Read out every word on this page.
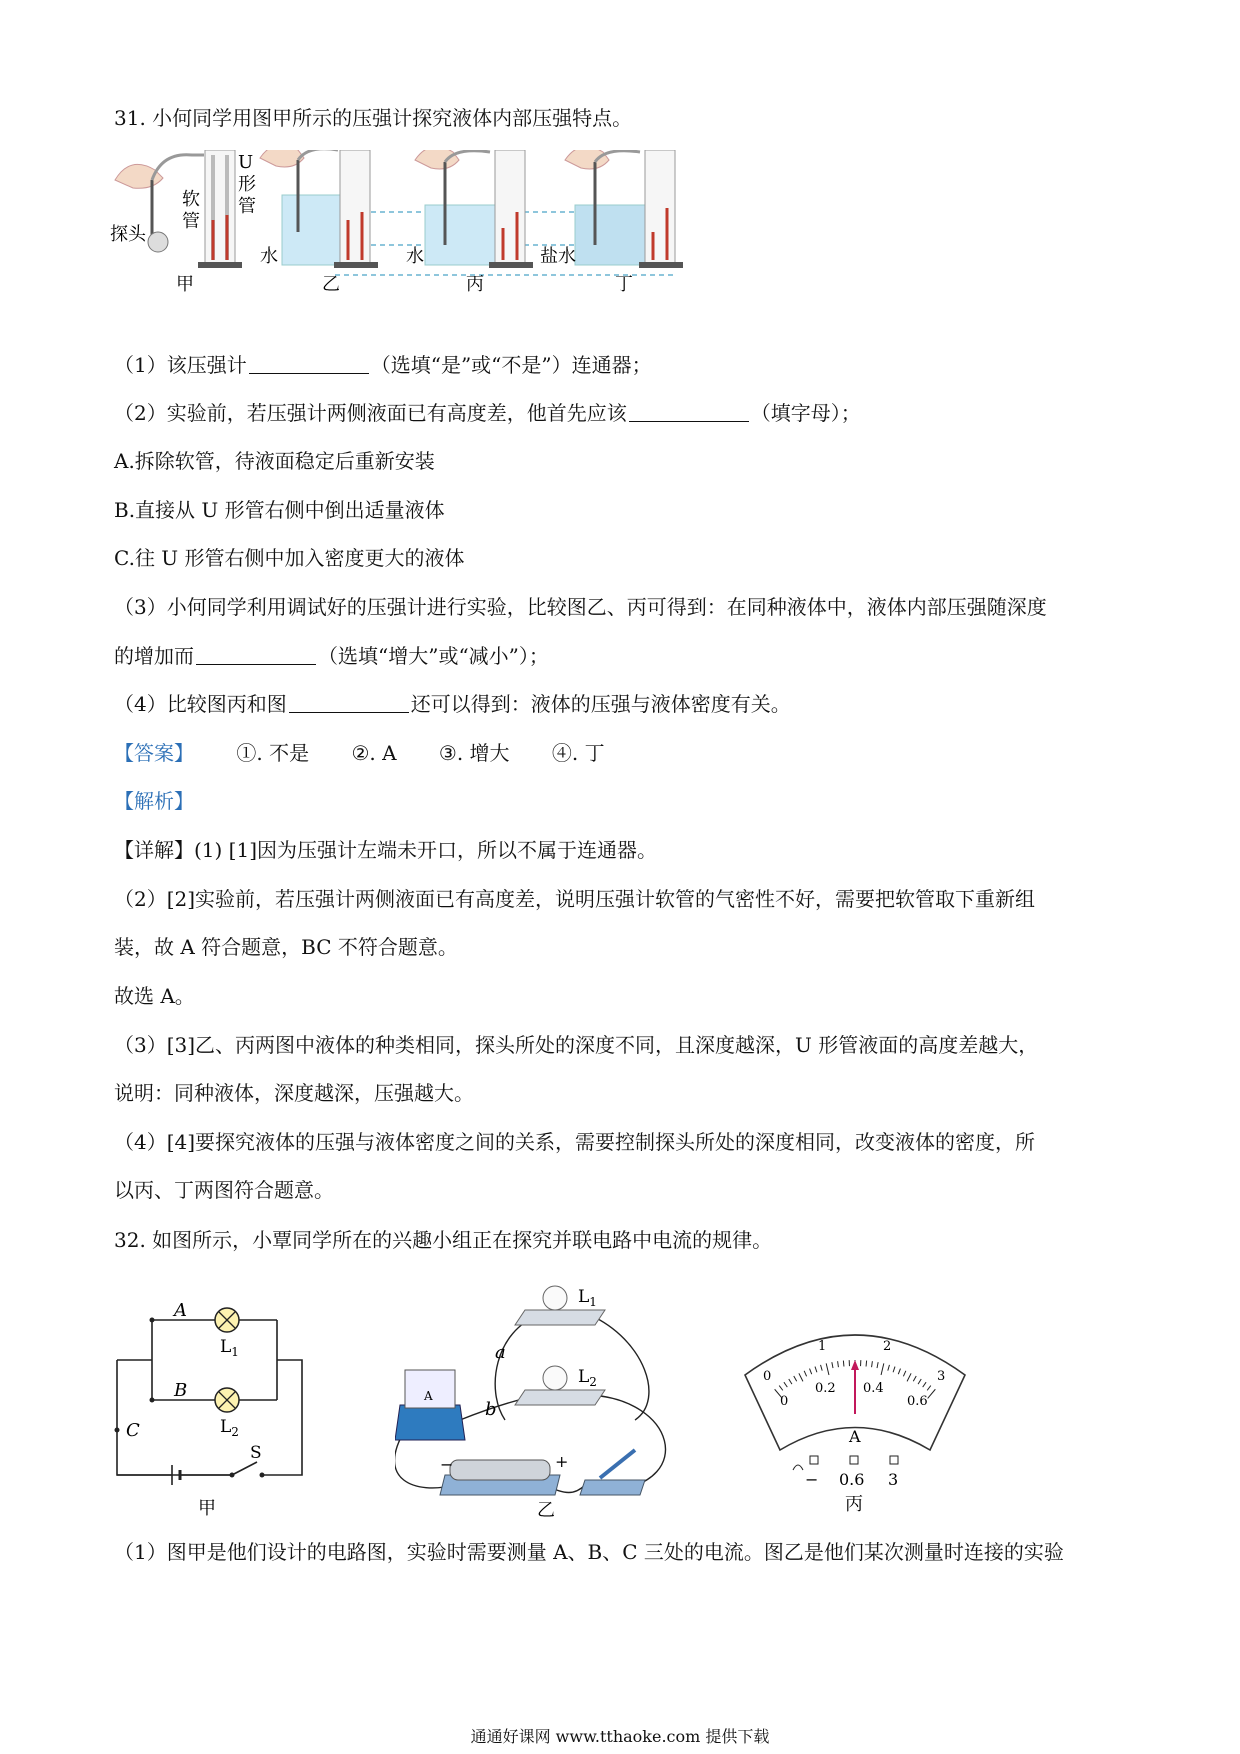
31. 小何同学用图甲所示的压强计探究液体内部压强特点。
U
形
管
软
管
探头
甲
水
乙
水
丙
盐水
丁
（1）该压强计	（选填“是”或“不是”）连通器；
（2）实验前，若压强计两侧液面已有高度差，他首先应该	（填字母）；
A.拆除软管，待液面稳定后重新安装
B.直接从 U 形管右侧中倒出适量液体
C.往 U 形管右侧中加入密度更大的液体
（3）小何同学利用调试好的压强计进行实验，比较图乙、丙可得到：在同种液体中，液体内部压强随深度
的增加而	（选填“增大”或“减小”）；
（4）比较图丙和图	还可以得到：液体的压强与液体密度有关。
【答案】 ①. 不是 ②. A ③. 增大 ④. 丁
【解析】
【详解】(1) [1]因为压强计左端未开口，所以不属于连通器。
（2）[2]实验前，若压强计两侧液面已有高度差，说明压强计软管的气密性不好，需要把软管取下重新组
装，故 A 符合题意，BC 不符合题意。
故选 A。
（3）[3]乙、丙两图中液体的种类相同，探头所处的深度不同，且深度越深，U 形管液面的高度差越大，
说明：同种液体，深度越深，压强越大。
（4）[4]要探究液体的压强与液体密度之间的关系，需要控制探头所处的深度相同，改变液体的密度，所
以丙、丁两图符合题意。
32. 如图所示，小覃同学所在的兴趣小组正在探究并联电路中电流的规律。
A
B
C
$L_1$
$L_2$
S
甲
$L_1$
$L_2$
a
b
A
−	+
乙
0
1	2
3
0
0.2 0.4
0.6
A
− 0.6 3
丙
（1）图甲是他们设计的电路图，实验时需要测量 A、B、C 三处的电流。图乙是他们某次测量时连接的实验
通通好课网 www.tthaoke.com 提供下载
